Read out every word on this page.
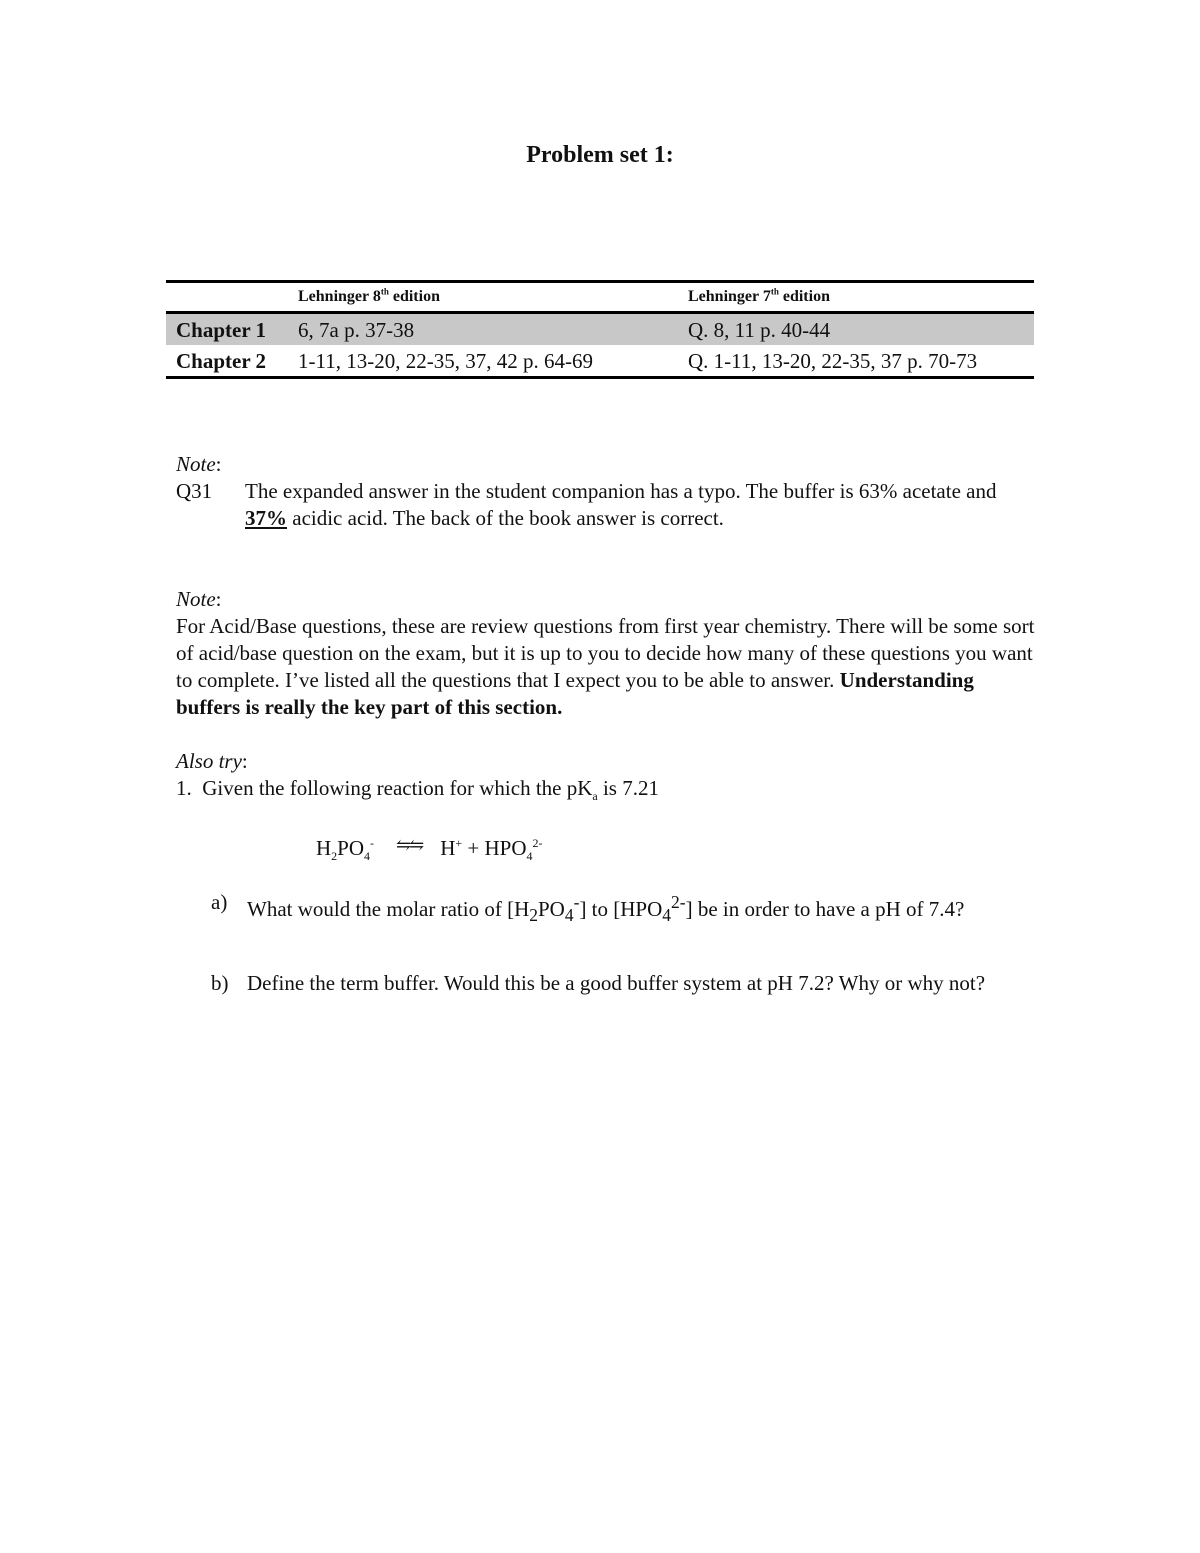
Problem set 1:
	Lehninger 8th edition	Lehninger 7th edition
Chapter 1	6, 7a p. 37-38	Q. 8, 11 p. 40-44
Chapter 2	1-11, 13-20, 22-35, 37, 42 p. 64-69	Q. 1-11, 13-20, 22-35, 37 p. 70-73
Note:
Q31	The expanded answer in the student companion has a typo. The buffer is 63% acetate and 37% acidic acid. The back of the book answer is correct.
Note:
For Acid/Base questions, these are review questions from first year chemistry. There will be some sort of acid/base question on the exam, but it is up to you to decide how many of these questions you want to complete. I’ve listed all the questions that I expect you to be able to answer. Understanding buffers is really the key part of this section.
Also try:
1. Given the following reaction for which the $pK_a$ is 7.21
$H_2PO_4^-$ ⇋⇋ $H^+ + HPO_4^{2-}$
a) What would the molar ratio of $[H_2PO_4^-]$ to $[HPO_4^{2-}]$ be in order to have a pH of 7.4?
b) Define the term buffer. Would this be a good buffer system at pH 7.2? Why or why not?
